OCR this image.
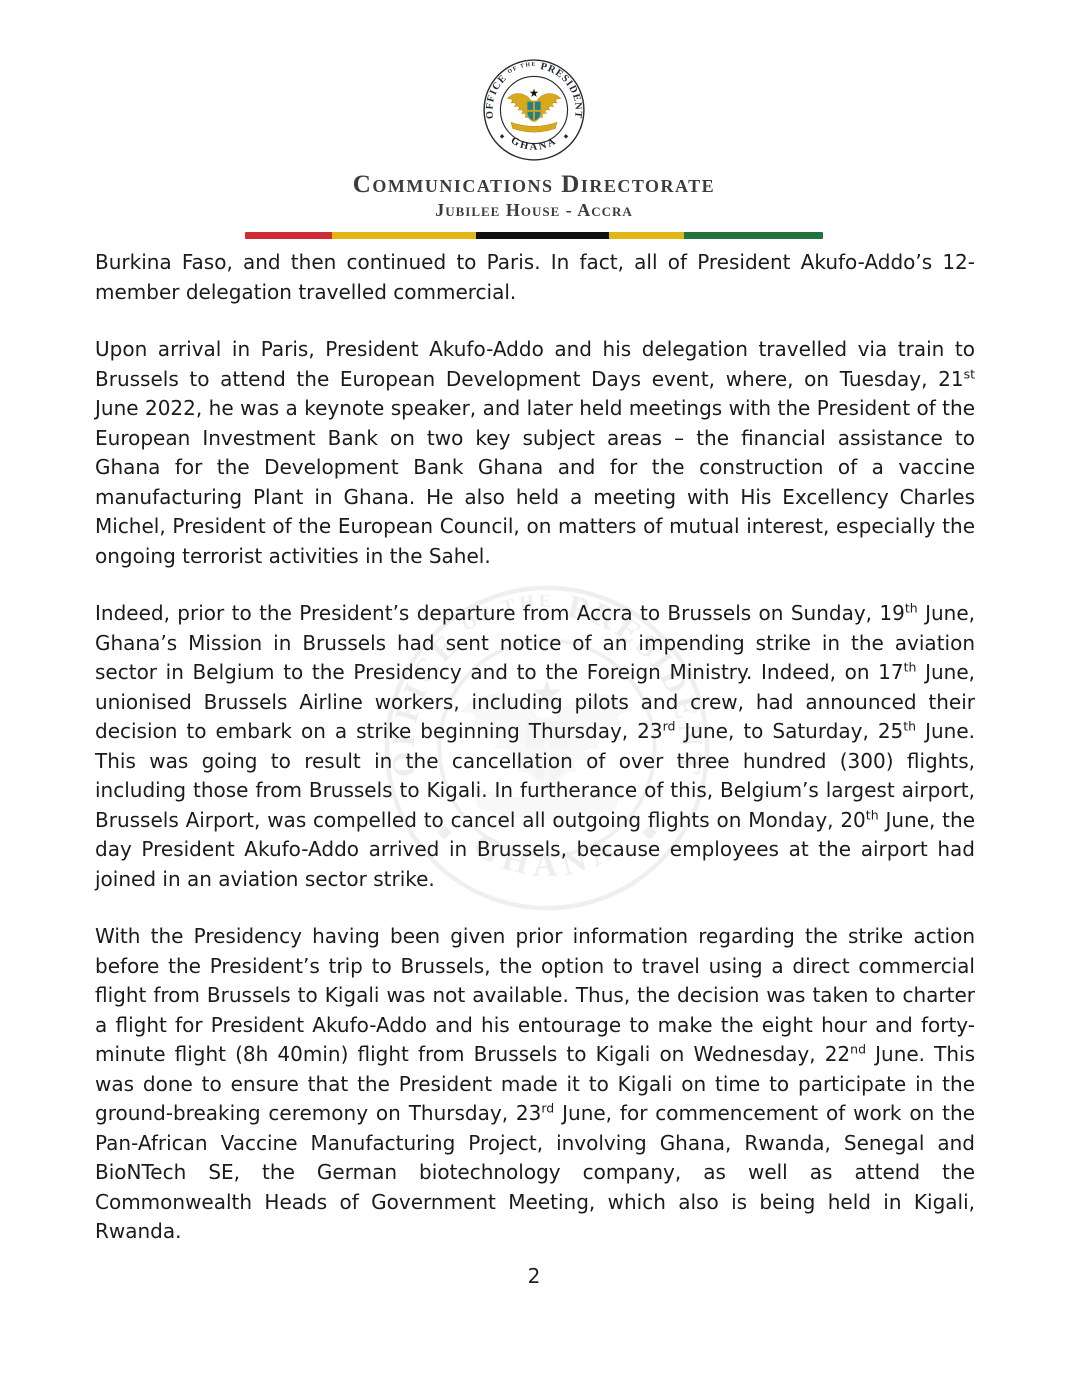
Communications Directorate
Jubilee House - Accra

Burkina Faso, and then continued to Paris. In fact, all of President Akufo-Addo’s 12-member delegation travelled commercial.

Upon arrival in Paris, President Akufo-Addo and his delegation travelled via train to Brussels to attend the European Development Days event, where, on Tuesday, 21st June 2022, he was a keynote speaker, and later held meetings with the President of the European Investment Bank on two key subject areas – the financial assistance to Ghana for the Development Bank Ghana and for the construction of a vaccine manufacturing Plant in Ghana. He also held a meeting with His Excellency Charles Michel, President of the European Council, on matters of mutual interest, especially the ongoing terrorist activities in the Sahel.

Indeed, prior to the President’s departure from Accra to Brussels on Sunday, 19th June, Ghana’s Mission in Brussels had sent notice of an impending strike in the aviation sector in Belgium to the Presidency and to the Foreign Ministry. Indeed, on 17th June, unionised Brussels Airline workers, including pilots and crew, had announced their decision to embark on a strike beginning Thursday, 23rd June, to Saturday, 25th June. This was going to result in the cancellation of over three hundred (300) flights, including those from Brussels to Kigali. In furtherance of this, Belgium’s largest airport, Brussels Airport, was compelled to cancel all outgoing flights on Monday, 20th June, the day President Akufo-Addo arrived in Brussels, because employees at the airport had joined in an aviation sector strike.

With the Presidency having been given prior information regarding the strike action before the President’s trip to Brussels, the option to travel using a direct commercial flight from Brussels to Kigali was not available. Thus, the decision was taken to charter a flight for President Akufo-Addo and his entourage to make the eight hour and forty-minute flight (8h 40min) flight from Brussels to Kigali on Wednesday, 22nd June. This was done to ensure that the President made it to Kigali on time to participate in the ground-breaking ceremony on Thursday, 23rd June, for commencement of work on the Pan-African Vaccine Manufacturing Project, involving Ghana, Rwanda, Senegal and BioNTech SE, the German biotechnology company, as well as attend the Commonwealth Heads of Government Meeting, which also is being held in Kigali, Rwanda.

2
